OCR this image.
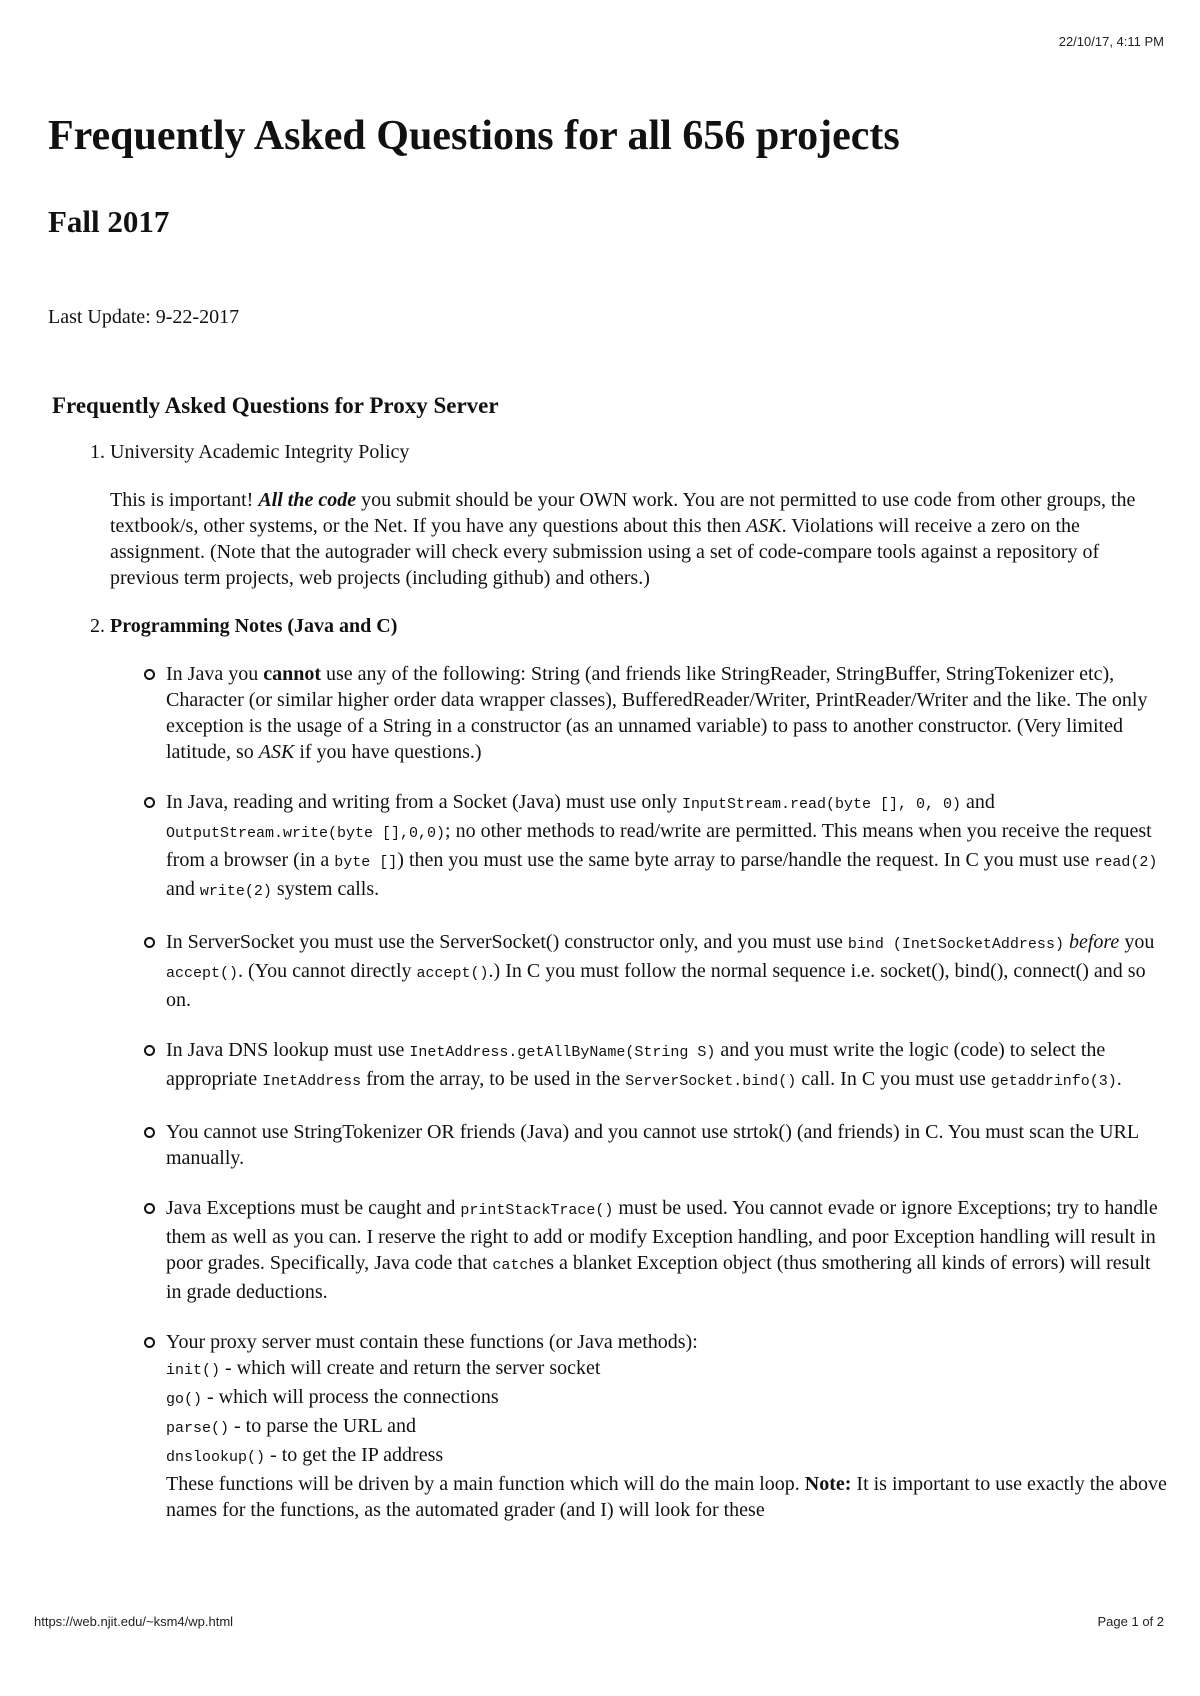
22/10/17, 4:11 PM
Frequently Asked Questions for all 656 projects
Fall 2017

Last Update: 9-22-2017

Frequently Asked Questions for Proxy Server
1. University Academic Integrity Policy
This is important! All the code you submit should be your OWN work. You are not permitted to use code from other groups, the textbook/s, other systems, or the Net. If you have any questions about this then ASK. Violations will receive a zero on the assignment. (Note that the autograder will check every submission using a set of code-compare tools against a repository of previous term projects, web projects (including github) and others.)
2. Programming Notes (Java and C)
In Java you cannot use any of the following: String (and friends like StringReader, StringBuffer, StringTokenizer etc), Character (or similar higher order data wrapper classes), BufferedReader/Writer, PrintReader/Writer and the like. The only exception is the usage of a String in a constructor (as an unnamed variable) to pass to another constructor. (Very limited latitude, so ASK if you have questions.)
In Java, reading and writing from a Socket (Java) must use only InputStream.read(byte [], 0, 0) and OutputStream.write(byte [],0,0); no other methods to read/write are permitted. This means when you receive the request from a browser (in a byte []) then you must use the same byte array to parse/handle the request. In C you must use read(2) and write(2) system calls.
In ServerSocket you must use the ServerSocket() constructor only, and you must use bind (InetSocketAddress) before you accept(). (You cannot directly accept().) In C you must follow the normal sequence i.e. socket(), bind(), connect() and so on.
In Java DNS lookup must use InetAddress.getAllByName(String S) and you must write the logic (code) to select the appropriate InetAddress from the array, to be used in the ServerSocket.bind() call. In C you must use getaddrinfo(3).
You cannot use StringTokenizer OR friends (Java) and you cannot use strtok() (and friends) in C. You must scan the URL manually.
Java Exceptions must be caught and printStackTrace() must be used. You cannot evade or ignore Exceptions; try to handle them as well as you can. I reserve the right to add or modify Exception handling, and poor Exception handling will result in poor grades. Specifically, Java code that catches a blanket Exception object (thus smothering all kinds of errors) will result in grade deductions.
Your proxy server must contain these functions (or Java methods):
init() - which will create and return the server socket
go() - which will process the connections
parse() - to parse the URL and
dnslookup() - to get the IP address
These functions will be driven by a main function which will do the main loop. Note: It is important to use exactly the above names for the functions, as the automated grader (and I) will look for these
https://web.njit.edu/~ksm4/wp.html	Page 1 of 2
